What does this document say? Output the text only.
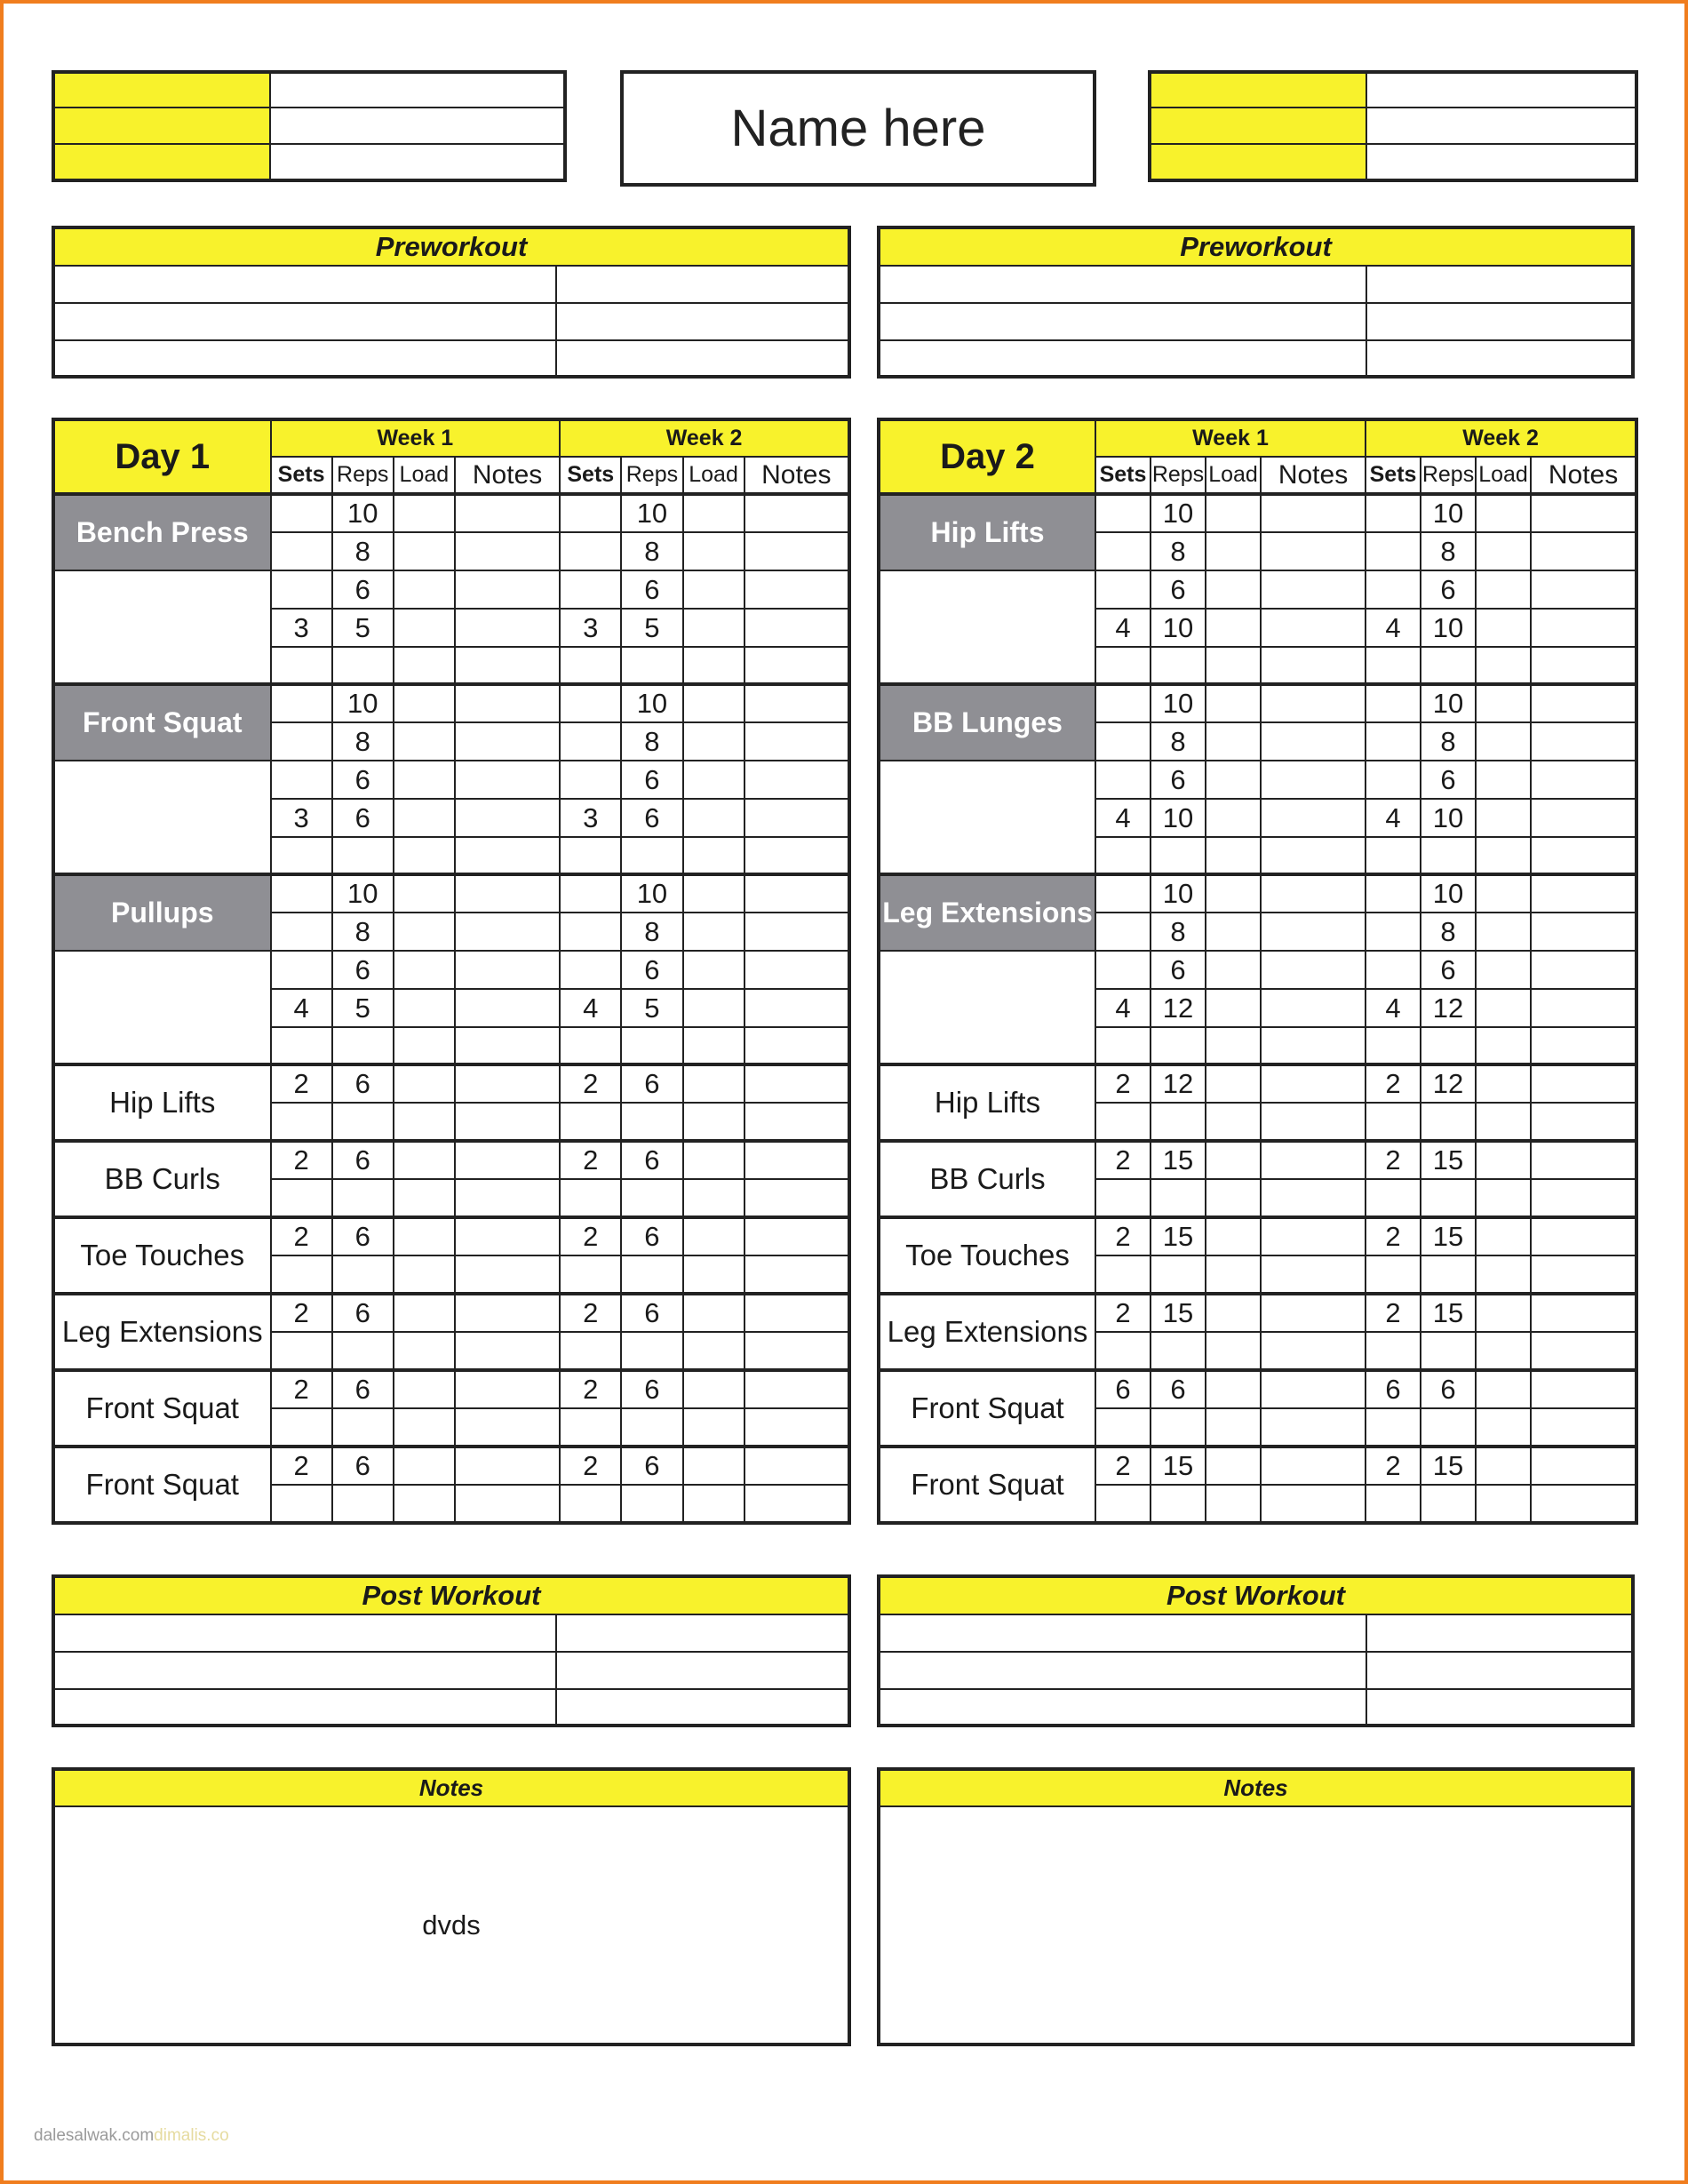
Name here

Preworkout	

Day 1	Week 1				Week 2			
	Sets	Reps	Load	Notes	Sets	Reps	Load	Notes
Bench Press		10				10		
		8				8		
		6				6		
	3	5			3	5		

Front Squat		10				10		
		8				8		
		6				6		
	3	6			3	6		

Pullups		10				10		
		8				8		
		6				6		
	4	5			4	5		

Hip Lifts	2	6			2	6		

BB Curls	2	6			2	6		

Toe Touches	2	6			2	6		

Leg Extensions	2	6			2	6		

Front Squat	2	6			2	6		

Front Squat	2	6			2	6		

Post Workout	

Notes
dvds
Preworkout	

Day 2	Week 1				Week 2			
	Sets	Reps	Load	Notes	Sets	Reps	Load	Notes
Hip Lifts		10				10		
		8				8		
		6				6		
	4	10			4	10		

BB Lunges		10				10		
		8				8		
		6				6		
	4	10			4	10		

Leg Extensions		10				10		
		8				8		
		6				6		
	4	12			4	12		

Hip Lifts	2	12			2	12		

BB Curls	2	15			2	15		

Toe Touches	2	15			2	15		

Leg Extensions	2	15			2	15		

Front Squat	6	6			6	6		

Front Squat	2	15			2	15		

Post Workout	

Notes

dalesalwak.comdimalis.co
